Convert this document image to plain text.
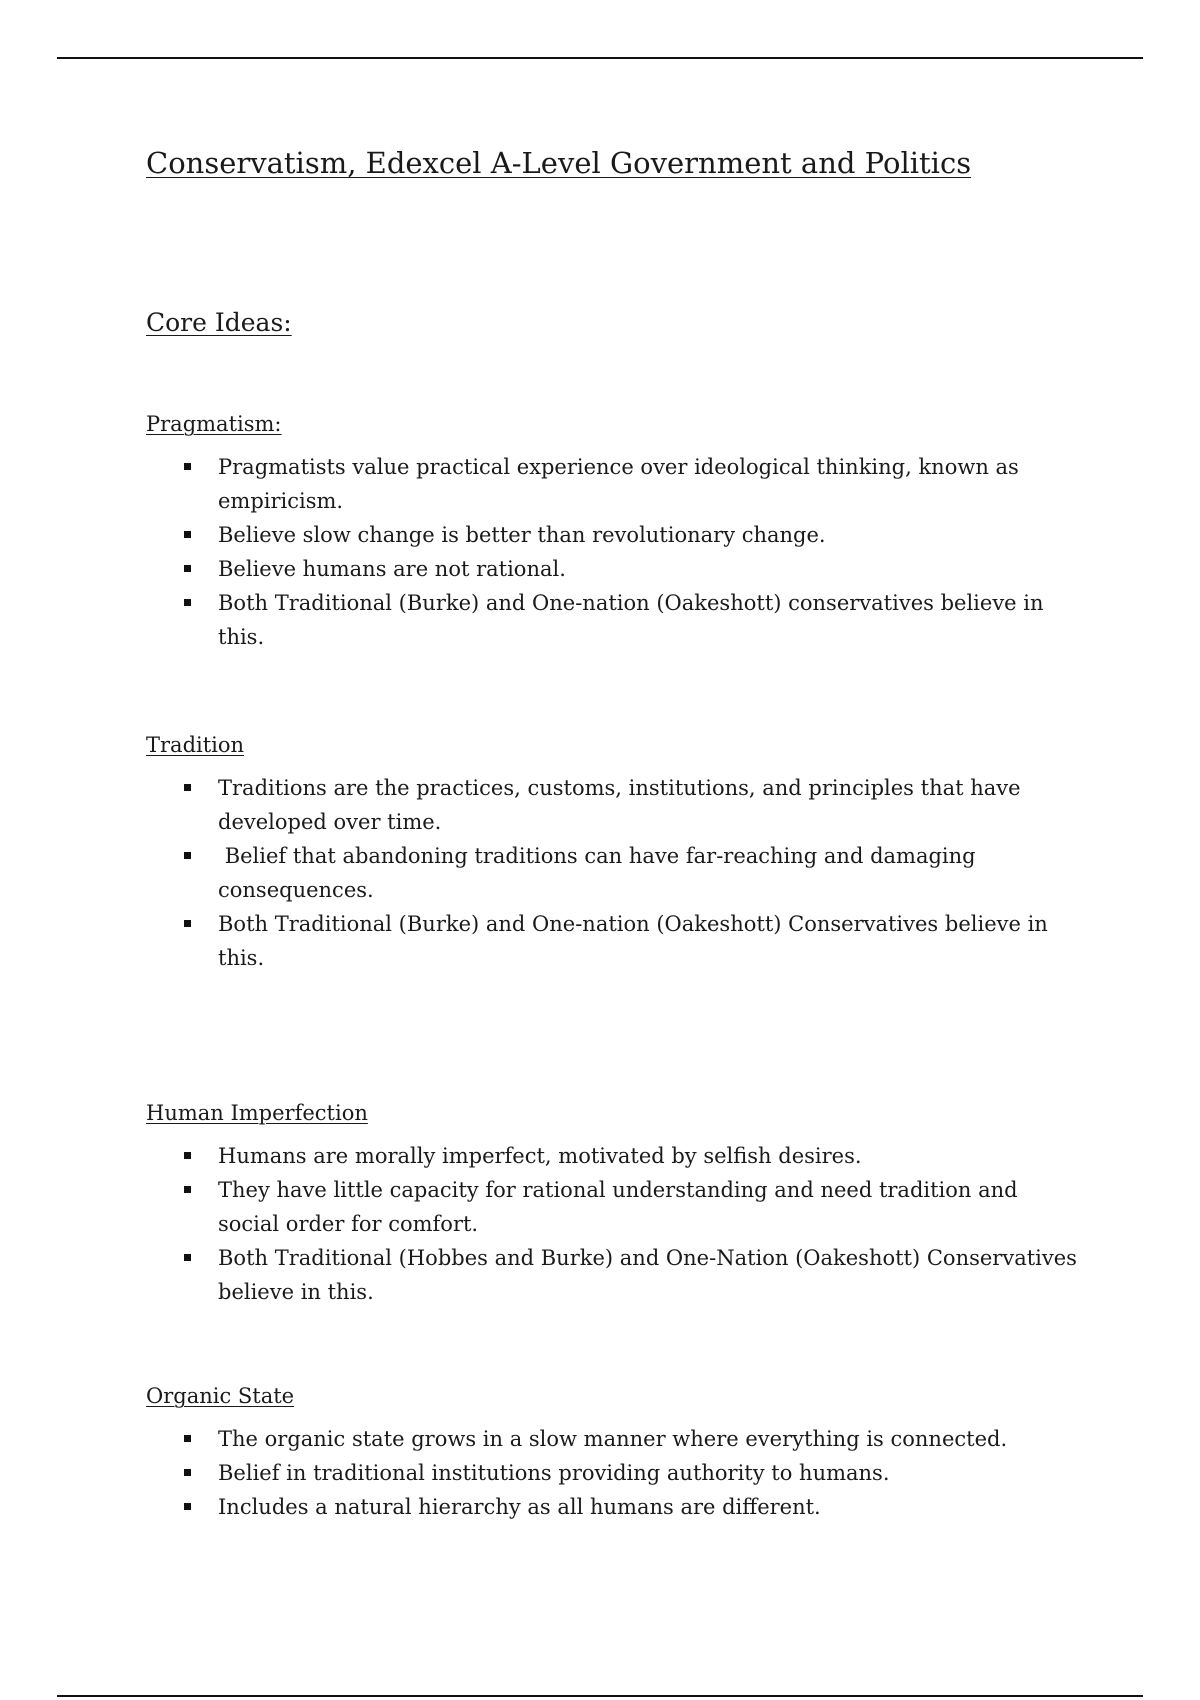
Conservatism, Edexcel A-Level Government and Politics
Core Ideas:
Pragmatism:
Pragmatists value practical experience over ideological thinking, known as empiricism.
Believe slow change is better than revolutionary change.
Believe humans are not rational.
Both Traditional (Burke) and One-nation (Oakeshott) conservatives believe in this.
Tradition
Traditions are the practices, customs, institutions, and principles that have developed over time.
Belief that abandoning traditions can have far-reaching and damaging consequences.
Both Traditional (Burke) and One-nation (Oakeshott) Conservatives believe in this.
Human Imperfection
Humans are morally imperfect, motivated by selfish desires.
They have little capacity for rational understanding and need tradition and social order for comfort.
Both Traditional (Hobbes and Burke) and One-Nation (Oakeshott) Conservatives believe in this.
Organic State
The organic state grows in a slow manner where everything is connected.
Belief in traditional institutions providing authority to humans.
Includes a natural hierarchy as all humans are different.
